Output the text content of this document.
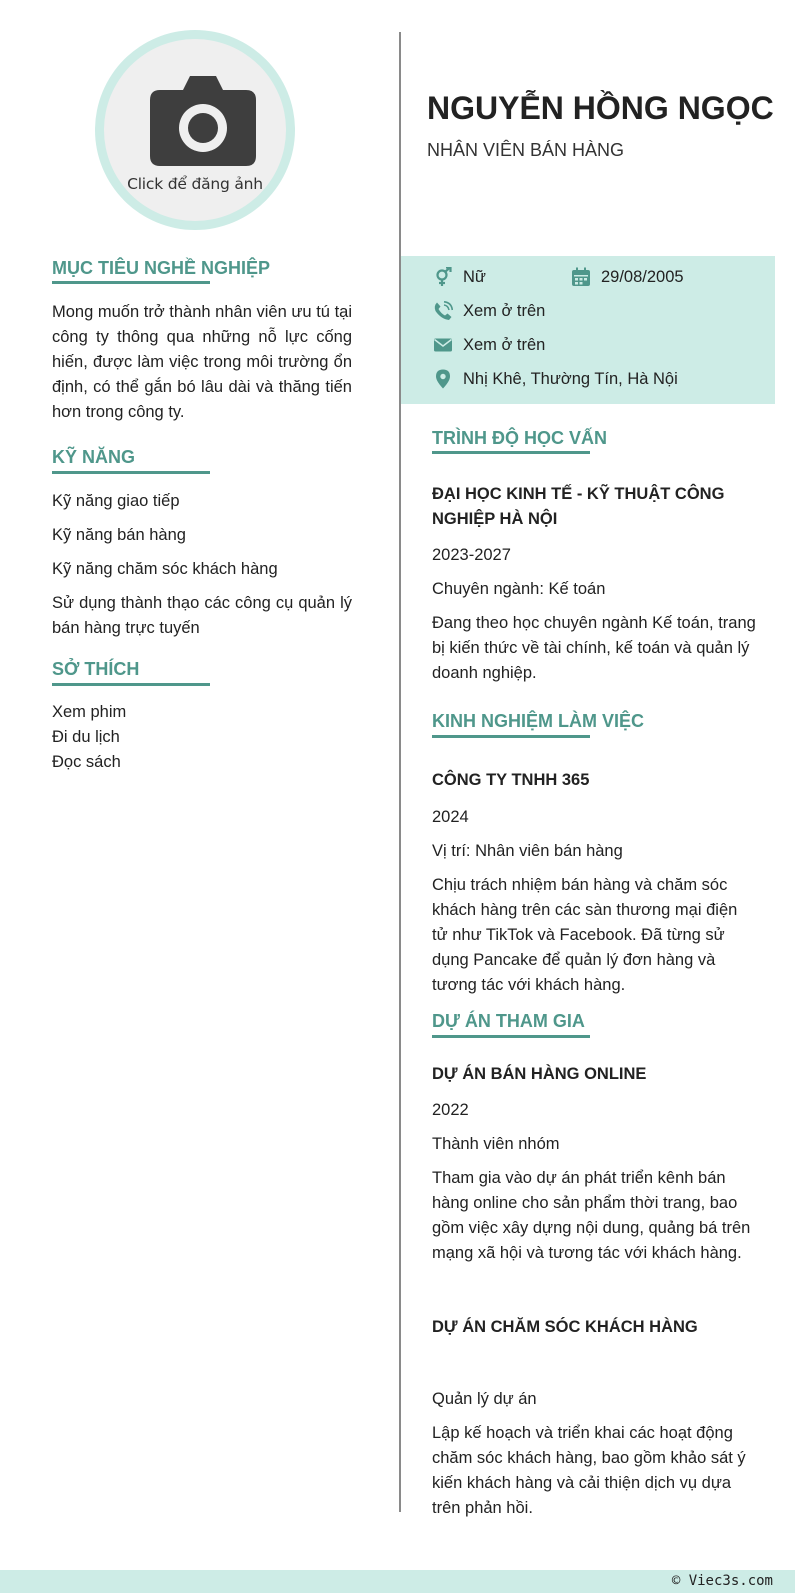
Click để đăng ảnh
NGUYỄN HỒNG NGỌC
NHÂN VIÊN BÁN HÀNG
MỤC TIÊU NGHỀ NGHIỆP
Mong muốn trở thành nhân viên ưu tú tại công ty thông qua những nỗ lực cống hiến, được làm việc trong môi trường ổn định, có thể gắn bó lâu dài và thăng tiến hơn trong công ty.
KỸ NĂNG
Kỹ năng giao tiếp
Kỹ năng bán hàng
Kỹ năng chăm sóc khách hàng
Sử dụng thành thạo các công cụ quản lý bán hàng trực tuyến
SỞ THÍCH
Xem phim
Đi du lịch
Đọc sách
Nữ	29/08/2005
Xem ở trên
Xem ở trên
Nhị Khê, Thường Tín, Hà Nội
TRÌNH ĐỘ HỌC VẤN
ĐẠI HỌC KINH TẾ - KỸ THUẬT CÔNG NGHIỆP HÀ NỘI
2023-2027
Chuyên ngành: Kế toán
Đang theo học chuyên ngành Kế toán, trang bị kiến thức về tài chính, kế toán và quản lý doanh nghiệp.
KINH NGHIỆM LÀM VIỆC
CÔNG TY TNHH 365
2024
Vị trí: Nhân viên bán hàng
Chịu trách nhiệm bán hàng và chăm sóc khách hàng trên các sàn thương mại điện tử như TikTok và Facebook. Đã từng sử dụng Pancake để quản lý đơn hàng và tương tác với khách hàng.
DỰ ÁN THAM GIA
DỰ ÁN BÁN HÀNG ONLINE
2022
Thành viên nhóm
Tham gia vào dự án phát triển kênh bán hàng online cho sản phẩm thời trang, bao gồm việc xây dựng nội dung, quảng bá trên mạng xã hội và tương tác với khách hàng.
DỰ ÁN CHĂM SÓC KHÁCH HÀNG
Quản lý dự án
Lập kế hoạch và triển khai các hoạt động chăm sóc khách hàng, bao gồm khảo sát ý kiến khách hàng và cải thiện dịch vụ dựa trên phản hồi.
© Viec3s.com
